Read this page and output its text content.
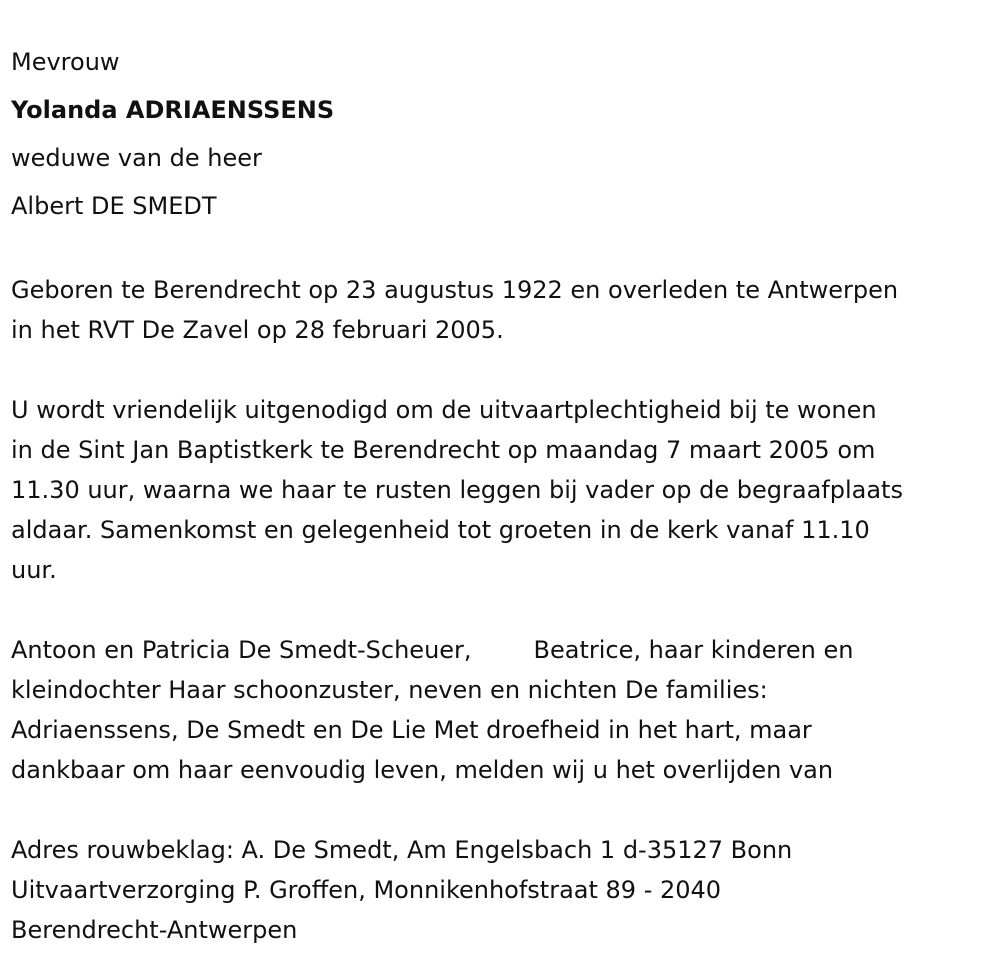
Mevrouw
Yolanda ADRIAENSSENS
weduwe van de heer
Albert DE SMEDT

Geboren te Berendrecht op 23 augustus 1922 en overleden te Antwerpen

in het RVT De Zavel op 28 februari 2005.

U wordt vriendelijk uitgenodigd om de uitvaartplechtigheid bij te wonen

in de Sint Jan Baptistkerk te Berendrecht op maandag 7 maart 2005 om

11.30 uur, waarna we haar te rusten leggen bij vader op de begraafplaats

aldaar. Samenkomst en gelegenheid tot groeten in de kerk vanaf 11.10

uur.

Antoon en Patricia De Smedt-Scheuer,	Beatrice, haar kinderen en

kleindochter Haar schoonzuster, neven en nichten De families:

Adriaenssens, De Smedt en De Lie Met droefheid in het hart, maar

dankbaar om haar eenvoudig leven, melden wij u het overlijden van

Adres rouwbeklag: A. De Smedt, Am Engelsbach 1 d-35127 Bonn

Uitvaartverzorging P. Groffen, Monnikenhofstraat 89 - 2040

Berendrecht-Antwerpen
